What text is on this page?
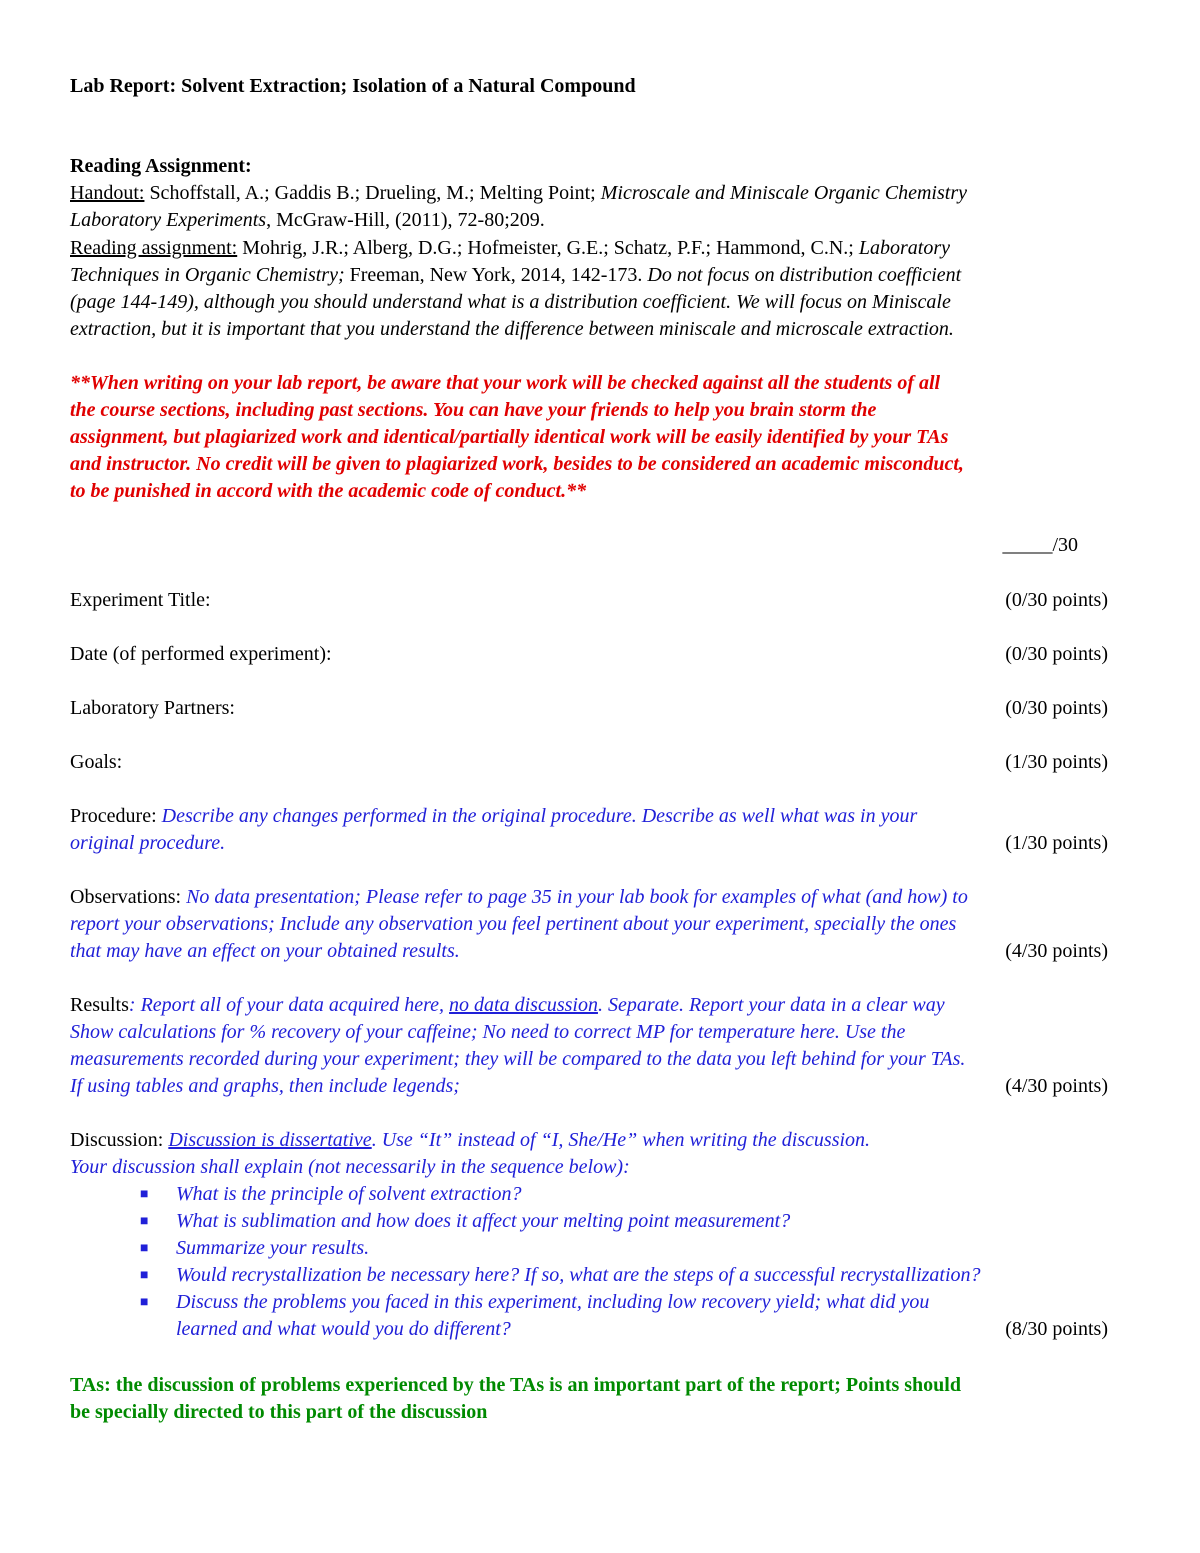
Lab Report: Solvent Extraction; Isolation of a Natural Compound
Reading Assignment:
Handout: Schoffstall, A.; Gaddis B.; Drueling, M.; Melting Point; Microscale and Miniscale Organic Chemistry
Laboratory Experiments, McGraw-Hill, (2011), 72-80;209.
Reading assignment: Mohrig, J.R.; Alberg, D.G.; Hofmeister, G.E.; Schatz, P.F.; Hammond, C.N.; Laboratory
Techniques in Organic Chemistry; Freeman, New York, 2014, 142-173. Do not focus on distribution coefficient
(page 144-149), although you should understand what is a distribution coefficient. We will focus on Miniscale
extraction, but it is important that you understand the difference between miniscale and microscale extraction.
**When writing on your lab report, be aware that your work will be checked against all the students of all
the course sections, including past sections. You can have your friends to help you brain storm the
assignment, but plagiarized work and identical/partially identical work will be easily identified by your TAs
and instructor. No credit will be given to plagiarized work, besides to be considered an academic misconduct,
to be punished in accord with the academic code of conduct.**
_____/30
Experiment Title:	(0/30 points)
Date (of performed experiment):	(0/30 points)
Laboratory Partners:	(0/30 points)
Goals:	(1/30 points)
Procedure: Describe any changes performed in the original procedure. Describe as well what was in your
original procedure.	(1/30 points)
Observations: No data presentation; Please refer to page 35 in your lab book for examples of what (and how) to
report your observations; Include any observation you feel pertinent about your experiment, specially the ones
that may have an effect on your obtained results.	(4/30 points)
Results: Report all of your data acquired here, no data discussion. Separate. Report your data in a clear way
Show calculations for % recovery of your caffeine; No need to correct MP for temperature here. Use the
measurements recorded during your experiment; they will be compared to the data you left behind for your TAs.
If using tables and graphs, then include legends;	(4/30 points)
Discussion: Discussion is dissertative. Use “It” instead of “I, She/He” when writing the discussion.
Your discussion shall explain (not necessarily in the sequence below):
■ What is the principle of solvent extraction?
■ What is sublimation and how does it affect your melting point measurement?
■ Summarize your results.
■ Would recrystallization be necessary here? If so, what are the steps of a successful recrystallization?
■ Discuss the problems you faced in this experiment, including low recovery yield; what did you
learned and what would you do different?	(8/30 points)
TAs: the discussion of problems experienced by the TAs is an important part of the report; Points should
be specially directed to this part of the discussion
